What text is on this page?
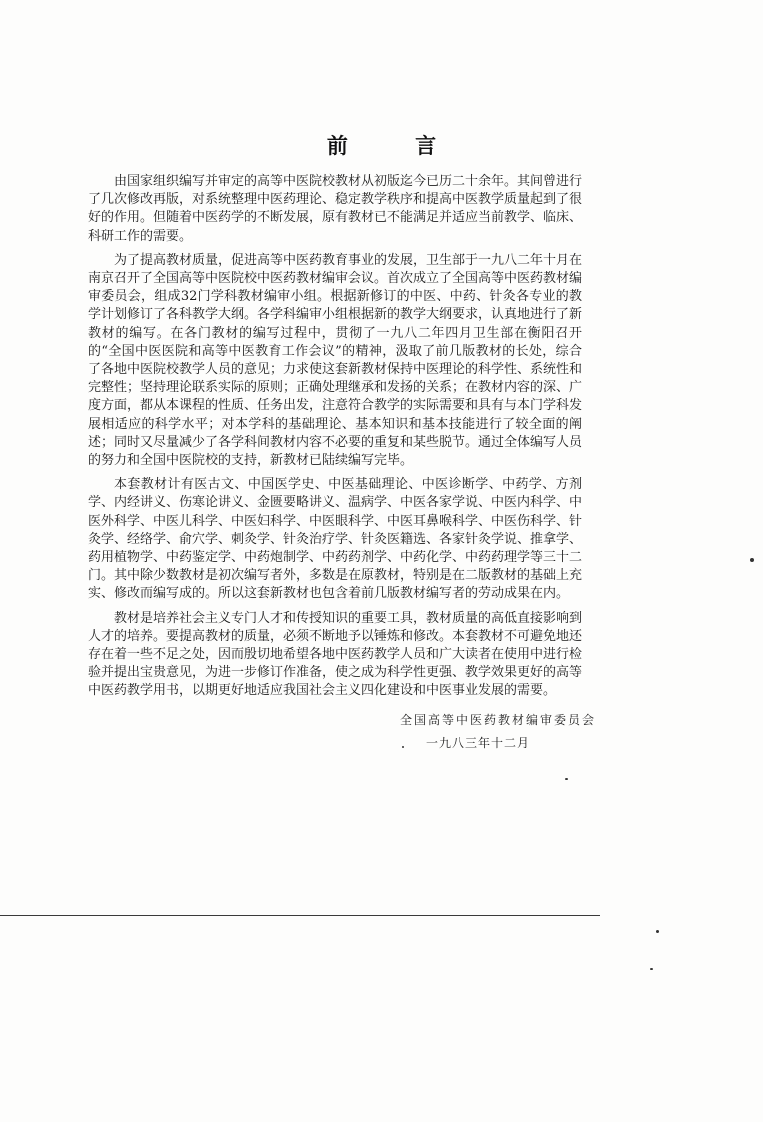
前 言

由国家组织编写并审定的高等中医院校教材从初版迄今已历二十余年。其间曾进行了几次修改再版，对系统整理中医药理论、稳定教学秩序和提高中医教学质量起到了很好的作用。但随着中医药学的不断发展，原有教材已不能满足并适应当前教学、临床、科研工作的需要。

为了提高教材质量，促进高等中医药教育事业的发展，卫生部于一九八二年十月在南京召开了全国高等中医院校中医药教材编审会议。首次成立了全国高等中医药教材编审委员会，组成32门学科教材编审小组。根据新修订的中医、中药、针灸各专业的教学计划修订了各科教学大纲。各学科编审小组根据新的教学大纲要求，认真地进行了新教材的编写。在各门教材的编写过程中，贯彻了一九八二年四月卫生部在衡阳召开的“全国中医医院和高等中医教育工作会议”的精神，汲取了前几版教材的长处，综合了各地中医院校教学人员的意见；力求使这套新教材保持中医理论的科学性、系统性和完整性；坚持理论联系实际的原则；正确处理继承和发扬的关系；在教材内容的深、广度方面，都从本课程的性质、任务出发，注意符合教学的实际需要和具有与本门学科发展相适应的科学水平；对本学科的基础理论、基本知识和基本技能进行了较全面的阐述；同时又尽量减少了各学科间教材内容不必要的重复和某些脱节。通过全体编写人员的努力和全国中医院校的支持，新教材已陆续编写完毕。

本套教材计有医古文、中国医学史、中医基础理论、中医诊断学、中药学、方剂学、内经讲义、伤寒论讲义、金匮要略讲义、温病学、中医各家学说、中医内科学、中医外科学、中医儿科学、中医妇科学、中医眼科学、中医耳鼻喉科学、中医伤科学、针灸学、经络学、俞穴学、刺灸学、针灸治疗学、针灸医籍选、各家针灸学说、推拿学、药用植物学、中药鉴定学、中药炮制学、中药药剂学、中药化学、中药药理学等三十二门。其中除少数教材是初次编写者外，多数是在原教材，特别是在二版教材的基础上充实、修改而编写成的。所以这套新教材也包含着前几版教材编写者的劳动成果在内。

教材是培养社会主义专门人才和传授知识的重要工具，教材质量的高低直接影响到人才的培养。要提高教材的质量，必须不断地予以锤炼和修改。本套教材不可避免地还存在着一些不足之处，因而殷切地希望各地中医药教学人员和广大读者在使用中进行检验并提出宝贵意见，为进一步修订作准备，使之成为科学性更强、教学效果更好的高等中医药教学用书，以期更好地适应我国社会主义四化建设和中医事业发展的需要。

全国高等中医药教材编审委员会
一九八三年十二月
